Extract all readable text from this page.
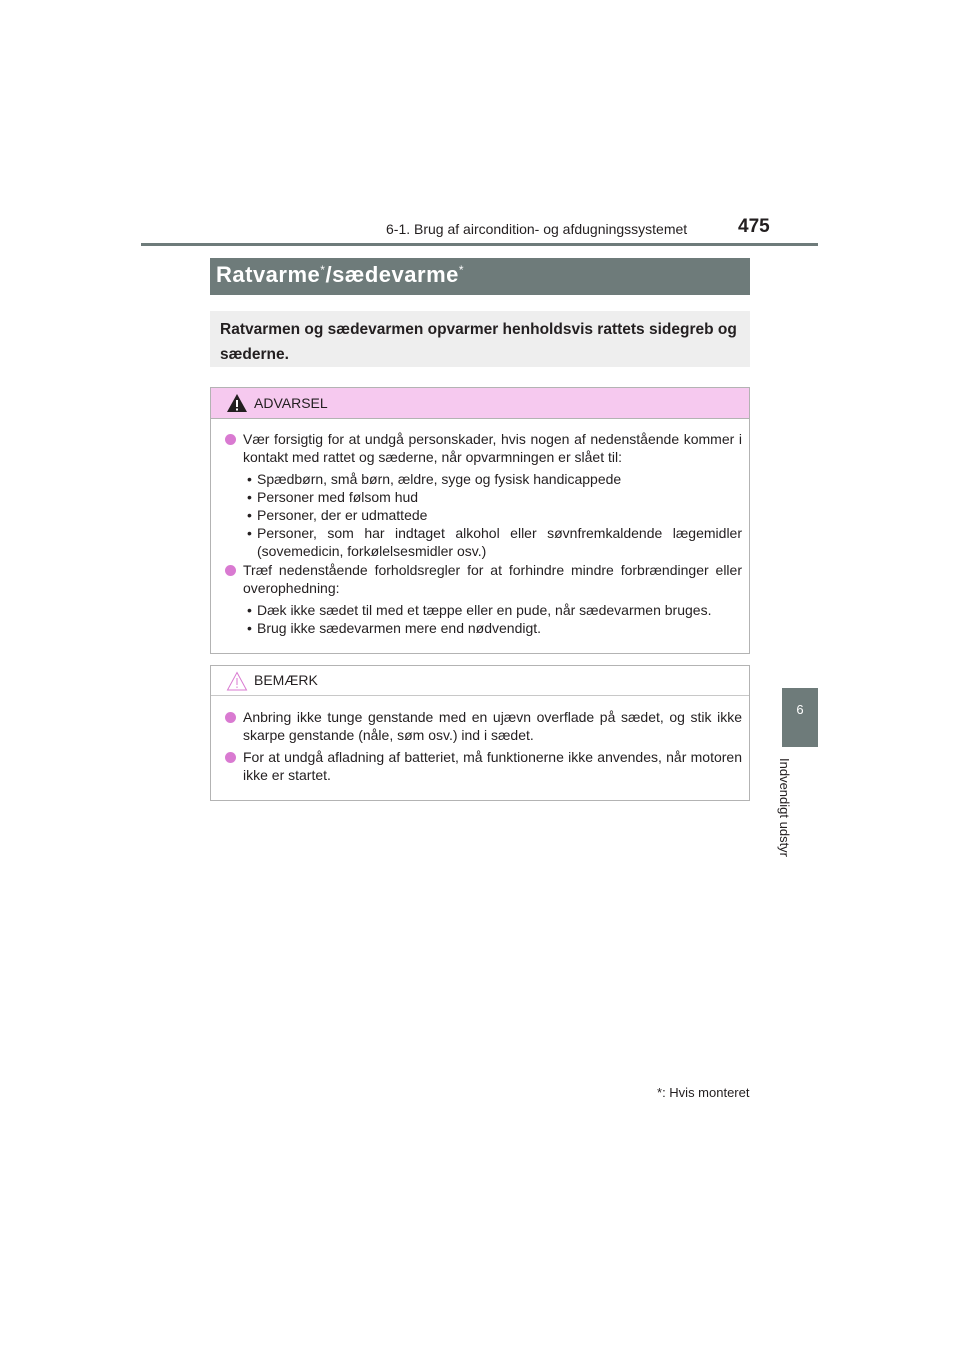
6-1. Brug af aircondition- og afdugningssystemet	475
6
Indvendigt udstyr
Ratvarme*/sædevarme*

Ratvarmen og sædevarmen opvarmer henholdsvis rattets sidegreb og sæderne.

ADVARSEL
Vær forsigtig for at undgå personskader, hvis nogen af nedenstående kommer i kontakt med rattet og sæderne, når opvarmningen er slået til:
• Spædbørn, små børn, ældre, syge og fysisk handicappede
• Personer med følsom hud
• Personer, der er udmattede
• Personer, som har indtaget alkohol eller søvnfremkaldende lægemidler (sovemedicin, forkølelsesmidler osv.)
Træf nedenstående forholdsregler for at forhindre mindre forbrændinger eller overophedning:
• Dæk ikke sædet til med et tæppe eller en pude, når sædevarmen bruges.
• Brug ikke sædevarmen mere end nødvendigt.
BEMÆRK
Anbring ikke tunge genstande med en ujævn overflade på sædet, og stik ikke skarpe genstande (nåle, søm osv.) ind i sædet.
For at undgå afladning af batteriet, må funktionerne ikke anvendes, når motoren ikke er startet.
*: Hvis monteret
